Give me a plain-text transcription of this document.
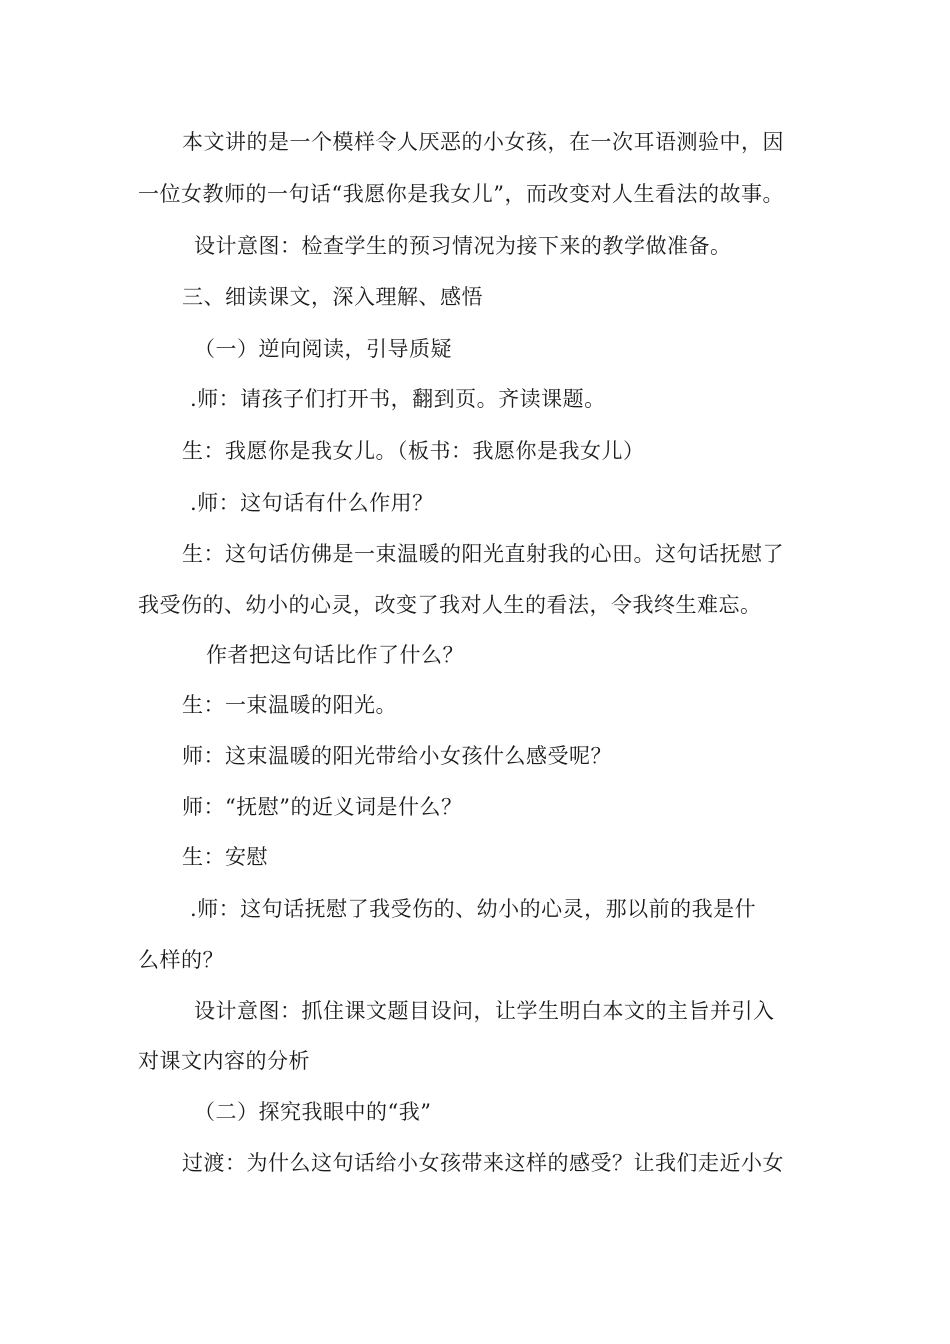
本文讲的是一个模样令人厌恶的小女孩，在一次耳语测验中，因
一位女教师的一句话“我愿你是我女儿”，而改变对人生看法的故事。
设计意图：检查学生的预习情况为接下来的教学做准备。
三、细读课文，深入理解、感悟
（一）逆向阅读，引导质疑
.师：请孩子们打开书，翻到页。齐读课题。
生：我愿你是我女儿。（板书：我愿你是我女儿）
.师：这句话有什么作用？
生：这句话仿佛是一束温暖的阳光直射我的心田。这句话抚慰了
我受伤的、幼小的心灵，改变了我对人生的看法，令我终生难忘。
作者把这句话比作了什么？
生：一束温暖的阳光。
师：这束温暖的阳光带给小女孩什么感受呢？
师：“抚慰”的近义词是什么？
生：安慰
.师：这句话抚慰了我受伤的、幼小的心灵，那以前的我是什
么样的？
设计意图：抓住课文题目设问，让学生明白本文的主旨并引入
对课文内容的分析
（二）探究我眼中的“我”
过渡：为什么这句话给小女孩带来这样的感受？让我们走近小女
